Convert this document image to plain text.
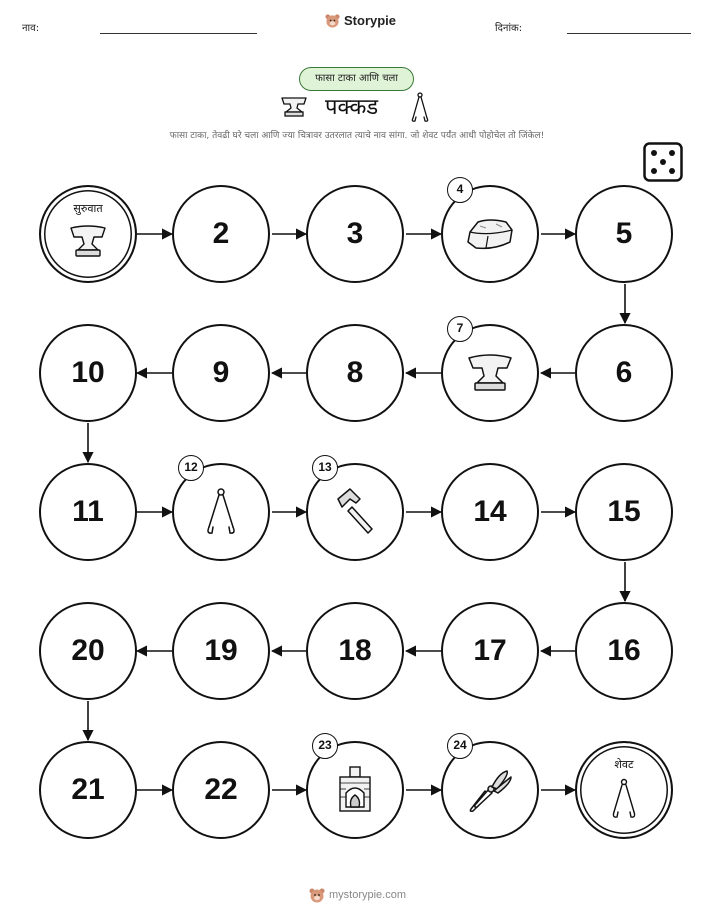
नाव:
Storypie
दिनांक:
फासा टाका आणि चला
पक्कड
फासा टाका, तेवढी घरे चला आणि ज्या चित्रावर उतरलात त्याचे नाव सांगा. जो शेवट पर्यंत आधी पोहोचेल तो जिंकेल!
सुरुवात
2	3
4
5
10	9	8
7
6
11
12	13
14	15
20	19	18	17	16
21	22
23	24
शेवट
mystorypie.com
